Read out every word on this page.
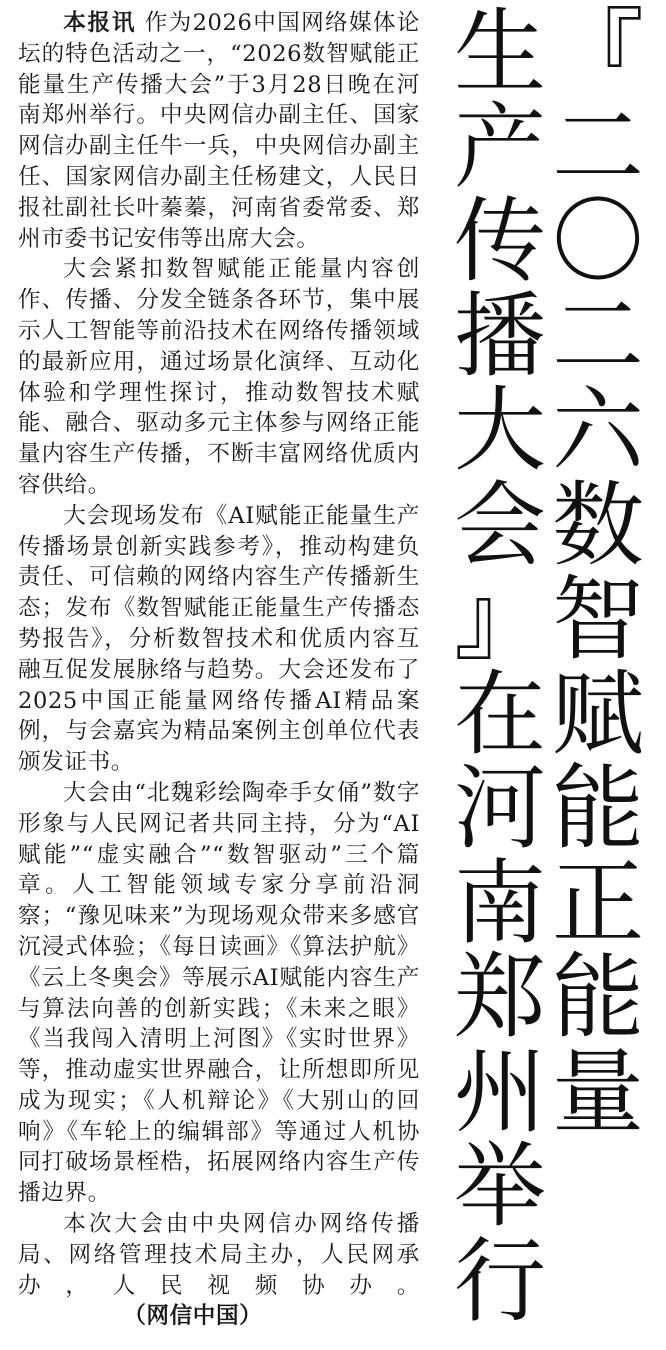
『
二
〇
二
六
数
智
赋
能
正
能
量
生
产
传
播
大
会
』
在
河
南
郑
州
举
行

本报讯 作为2026中国网络媒体论坛的特色活动之一，“2026数智赋能正能量生产传播大会”于3月28日晚在河南郑州举行。中央网信办副主任、国家网信办副主任牛一兵，中央网信办副主任、国家网信办副主任杨建文，人民日报社副社长叶蓁蓁，河南省委常委、郑州市委书记安伟等出席大会。

大会紧扣数智赋能正能量内容创作、传播、分发全链条各环节，集中展示人工智能等前沿技术在网络传播领域的最新应用，通过场景化演绎、互动化体验和学理性探讨，推动数智技术赋能、融合、驱动多元主体参与网络正能量内容生产传播，不断丰富网络优质内容供给。

大会现场发布《AI赋能正能量生产传播场景创新实践参考》，推动构建负责任、可信赖的网络内容生产传播新生态；发布《数智赋能正能量生产传播态势报告》，分析数智技术和优质内容互融互促发展脉络与趋势。大会还发布了2025中国正能量网络传播AI精品案例，与会嘉宾为精品案例主创单位代表颁发证书。

大会由“北魏彩绘陶牵手女俑”数字形象与人民网记者共同主持，分为“AI赋能”“虚实融合”“数智驱动”三个篇章。人工智能领域专家分享前沿洞察；“豫见味来”为现场观众带来多感官沉浸式体验；《每日读画》《算法护航》《云上冬奥会》等展示AI赋能内容生产与算法向善的创新实践；《未来之眼》《当我闯入清明上河图》《实时世界》等，推动虚实世界融合，让所想即所见成为现实；《人机辩论》《大别山的回响》《车轮上的编辑部》等通过人机协同打破场景桎梏，拓展网络内容生产传播边界。

本次大会由中央网信办网络传播局、网络管理技术局主办，人民网承办，人民视频协办。（网信中国）
